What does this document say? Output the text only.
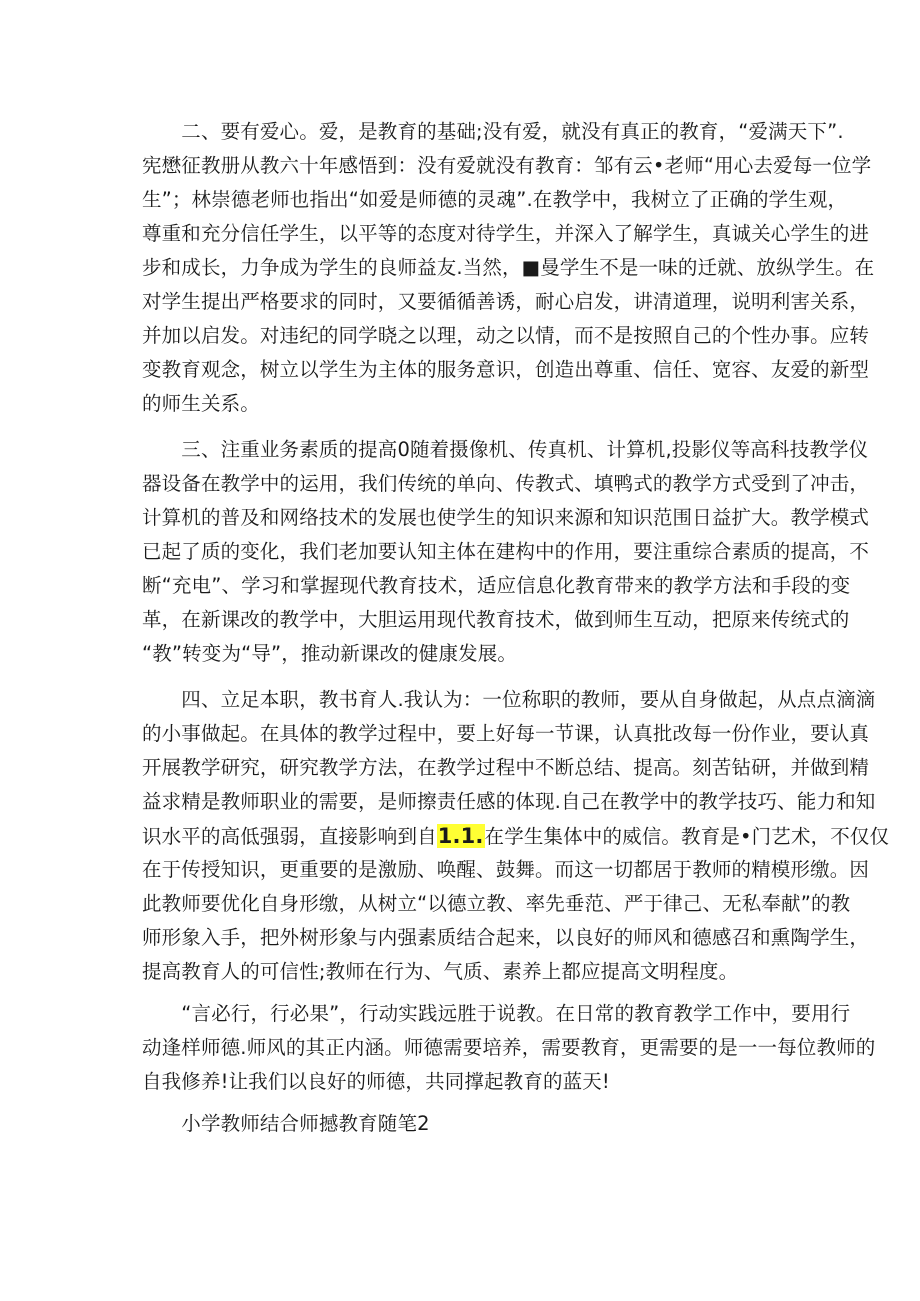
　　二、要有爱心。爱，是教育的基础;没有爱，就没有真正的教育，“爱满天下”.
宪懋征教册从教六十年感悟到：没有爱就没有教育：邹有云•老师“用心去爱每一位学
生”；林崇德老师也指出“如爱是师德的灵魂”.在教学中，我树立了正确的学生观，
尊重和充分信任学生，以平等的态度对待学生，并深入了解学生，真诚关心学生的进
步和成长，力争成为学生的良师益友.当然，■曼学生不是一味的迁就、放纵学生。在
对学生提出严格要求的同时，又要循循善诱，耐心启发，讲清道理，说明利害关系，
并加以启发。对违纪的同学晓之以理，动之以情，而不是按照自己的个性办事。应转
变教育观念，树立以学生为主体的服务意识，创造出尊重、信任、宽容、友爱的新型
的师生关系。
　　三、注重业务素质的提高0随着摄像机、传真机、计算机,投影仪等高科技教学仪
器设备在教学中的运用，我们传统的单向、传教式、填鸭式的教学方式受到了冲击，
计算机的普及和网络技术的发展也使学生的知识来源和知识范围日益扩大。教学模式
已起了质的变化，我们老加要认知主体在建构中的作用，要注重综合素质的提高，不
断“充电”、学习和掌握现代教育技术，适应信息化教育带来的教学方法和手段的变
革，在新课改的教学中，大胆运用现代教育技术，做到师生互动，把原来传统式的
“教”转变为“导”，推动新课改的健康发展。
　　四、立足本职，教书育人.我认为：一位称职的教师，要从自身做起，从点点滴滴
的小事做起。在具体的教学过程中，要上好每一节课，认真批改每一份作业，要认真
开展教学研究，研究教学方法，在教学过程中不断总结、提高。刻苦钻研，并做到精
益求精是教师职业的需要，是师擦责任感的体现.自己在教学中的教学技巧、能力和知
识水平的高低强弱，直接影响到自1.1.在学生集体中的威信。教育是•门艺术，不仅仅
在于传授知识，更重要的是激励、唤醒、鼓舞。而这一切都居于教师的精模形缴。因
此教师要优化自身形缴，从树立“以德立教、率先垂范、严于律己、无私奉献”的教
师形象入手，把外树形象与内强素质结合起来，以良好的师风和德感召和熏陶学生，
提高教育人的可信性;教师在行为、气质、素养上都应提高文明程度。
　　“言必行，行必果”，行动实践远胜于说教。在日常的教育教学工作中，要用行
动逢样师德.师风的其正内涵。师德需要培养，需要教育，更需要的是一一每位教师的
自我修养!让我们以良好的师德，共同撑起教育的蓝天!
　　小学教师结合师撼教育随笔2
